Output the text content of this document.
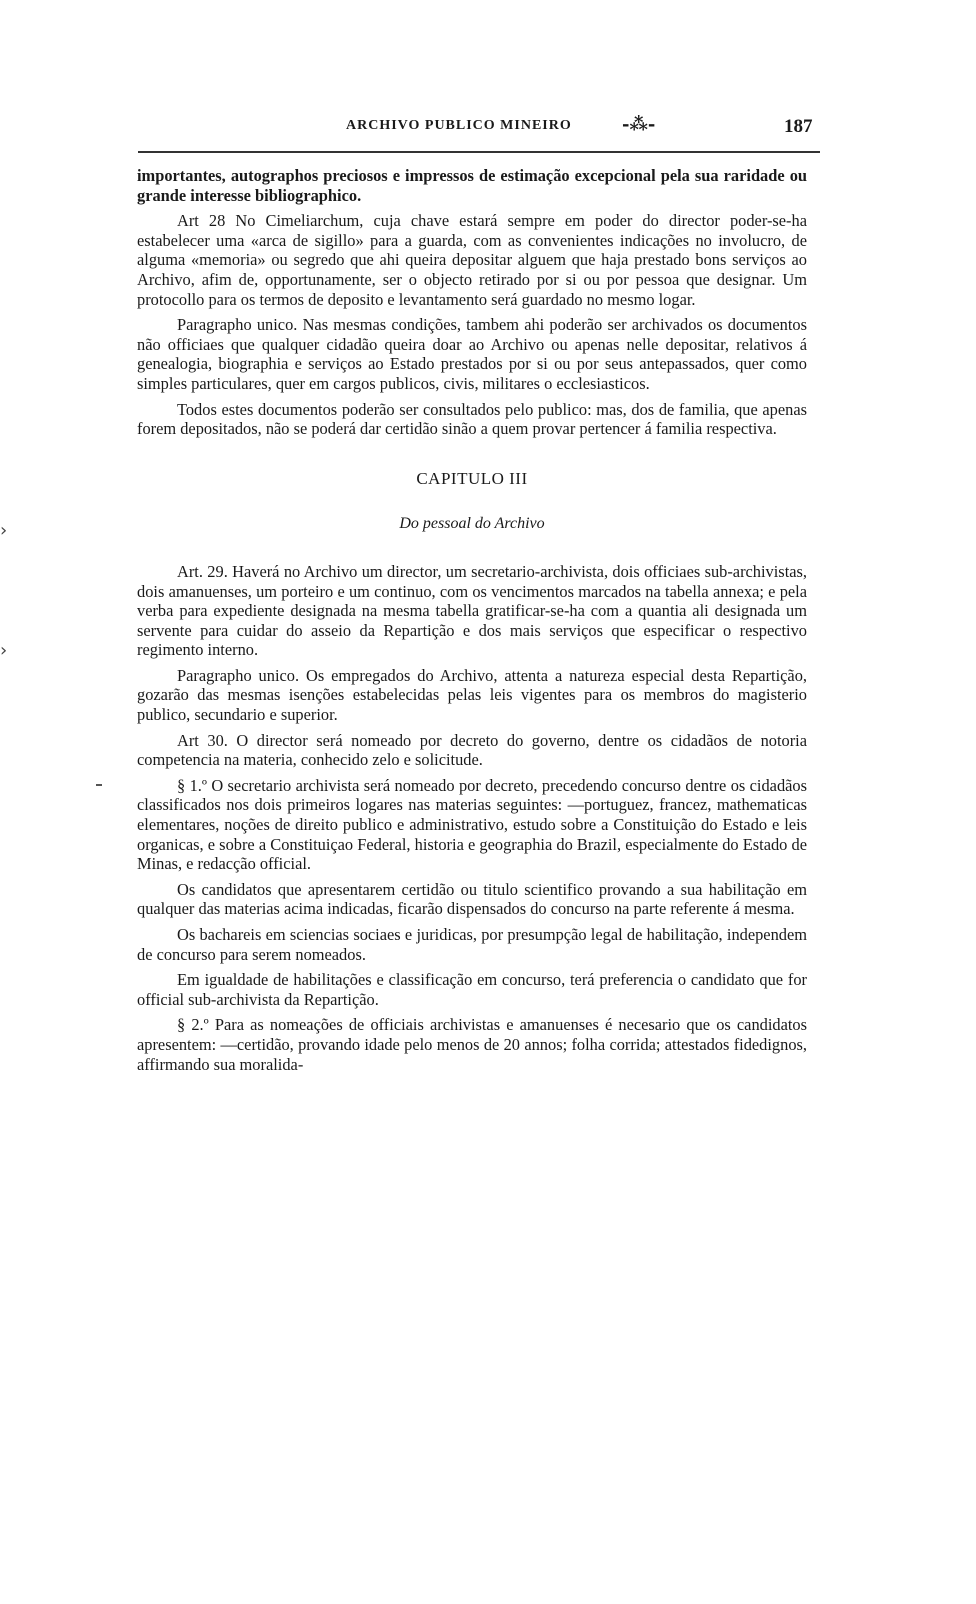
ARCHIVO PUBLICO MINEIRO	-⁂-	187
›
›

importantes, autographos preciosos e impressos de estimação excepcional pela sua raridade ou grande interesse bibliographico.

Art 28 No Cimeliarchum, cuja chave estará sempre em poder do director poder-se-ha estabelecer uma «arca de sigillo» para a guarda, com as convenientes indicações no involucro, de alguma «memoria» ou segredo que ahi queira depositar alguem que haja prestado bons serviços ao Archivo, afim de, opportunamente, ser o objecto retirado por si ou por pessoa que designar. Um protocollo para os termos de deposito e levantamento será guardado no mesmo logar.

Paragrapho unico. Nas mesmas condições, tambem ahi poderão ser archivados os documentos não officiaes que qualquer cidadão queira doar ao Archivo ou apenas nelle depositar, relativos á genealogia, biographia e serviços ao Estado prestados por si ou por seus antepassados, quer como simples particulares, quer em cargos publicos, civis, militares o ecclesiasticos.

Todos estes documentos poderão ser consultados pelo publico: mas, dos de familia, que apenas forem depositados, não se poderá dar certidão sinão a quem provar pertencer á familia respectiva.

CAPITULO III
Do pessoal do Archivo

Art. 29. Haverá no Archivo um director, um secretario-archivista, dois officiaes sub-archivistas, dois amanuenses, um porteiro e um continuo, com os vencimentos marcados na tabella annexa; e pela verba para expediente designada na mesma tabella gratificar-se-ha com a quantia ali designada um servente para cuidar do asseio da Repartição e dos mais serviços que especificar o respectivo regimento interno.

Paragrapho unico. Os empregados do Archivo, attenta a natureza especial desta Repartição, gozarão das mesmas isenções estabelecidas pelas leis vigentes para os membros do magisterio publico, secundario e superior.

Art 30. O director será nomeado por decreto do governo, dentre os cidadãos de notoria competencia na materia, conhecido zelo e solicitude.

§ 1.º O secretario archivista será nomeado por decreto, precedendo concurso dentre os cidadãos classificados nos dois primeiros logares nas materias seguintes: —portuguez, francez, mathematicas elementares, noções de direito publico e administrativo, estudo sobre a Constituição do Estado e leis organicas, e sobre a Constituiçao Federal, historia e geographia do Brazil, especialmente do Estado de Minas, e redacção official.

Os candidatos que apresentarem certidão ou titulo scientifico provando a sua habilitação em qualquer das materias acima indicadas, ficarão dispensados do concurso na parte referente á mesma.

Os bachareis em sciencias sociaes e juridicas, por presumpção legal de habilitação, independem de concurso para serem nomeados.

Em igualdade de habilitações e classificação em concurso, terá preferencia o candidato que for official sub-archivista da Repartição.

§ 2.º Para as nomeações de officiais archivistas e amanuenses é necesario que os candidatos apresentem: —certidão, provando idade pelo menos de 20 annos; folha corrida; attestados fidedignos, affirmando sua moralida-
